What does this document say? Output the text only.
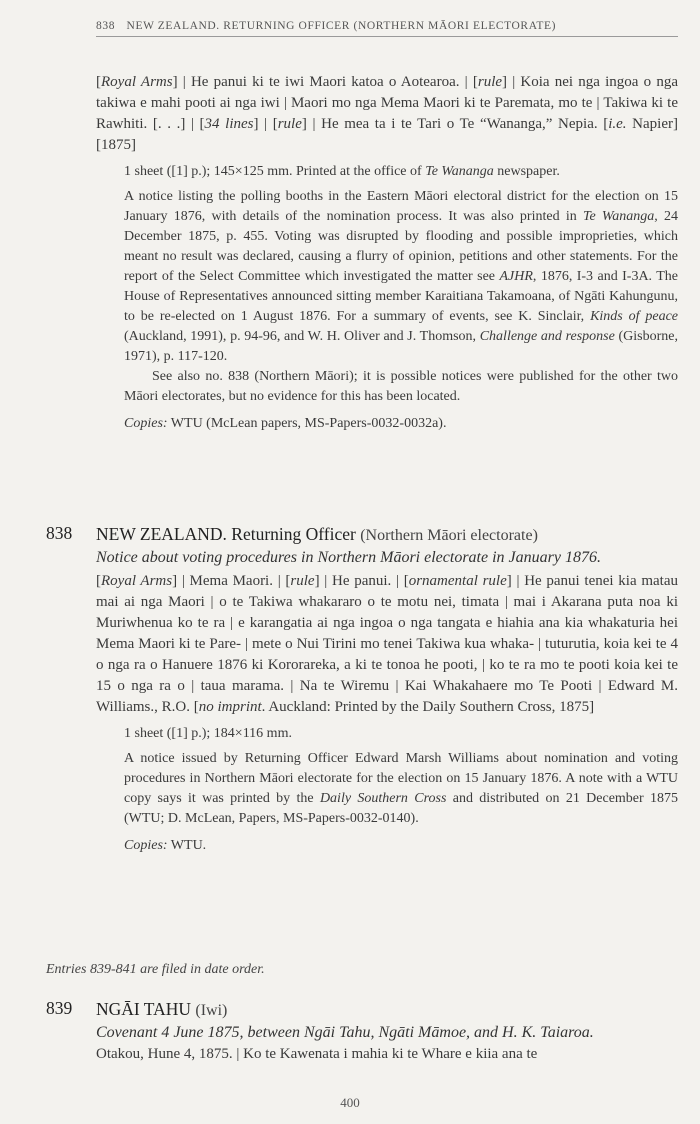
838 NEW ZEALAND. RETURNING OFFICER (NORTHERN MĀORI ELECTORATE)
[Royal Arms] | He panui ki te iwi Maori katoa o Aotearoa. | [rule] | Koia nei nga ingoa o nga takiwa e mahi pooti ai nga iwi | Maori mo nga Mema Maori ki te Paremata, mo te | Takiwa ki te Rawhiti. [. . .] | [34 lines] | [rule] | He mea ta i te Tari o Te “Wananga,” Nepia. [i.e. Napier] [1875]
1 sheet ([1] p.); 145×125 mm. Printed at the office of Te Wananga newspaper.
A notice listing the polling booths in the Eastern Māori electoral district for the election on 15 January 1876, with details of the nomination process. It was also printed in Te Wananga, 24 December 1875, p. 455. Voting was disrupted by flooding and possible improprieties, which meant no result was declared, causing a flurry of opinion, petitions and other statements. For the report of the Select Committee which investigated the matter see AJHR, 1876, I-3 and I-3A. The House of Representatives announced sitting member Karaitiana Takamoana, of Ngāti Kahungunu, to be re-elected on 1 August 1876. For a summary of events, see K. Sinclair, Kinds of peace (Auckland, 1991), p. 94-96, and W. H. Oliver and J. Thomson, Challenge and response (Gisborne, 1971), p. 117-120.
See also no. 838 (Northern Māori); it is possible notices were published for the other two Māori electorates, but no evidence for this has been located.
Copies: WTU (McLean papers, MS-Papers-0032-0032a).
838	NEW ZEALAND. Returning Officer (Northern Māori electorate)
Notice about voting procedures in Northern Māori electorate in January 1876.
[Royal Arms] | Mema Maori. | [rule] | He panui. | [ornamental rule] | He panui tenei kia matau mai ai nga Maori | o te Takiwa whakararo o te motu nei, timata | mai i Akarana puta noa ki Muriwhenua ko te ra | e karangatia ai nga ingoa o nga tangata e hiahia ana kia whakaturia hei Mema Maori ki te Pare- | mete o Nui Tirini mo tenei Takiwa kua whaka- | tuturutia, koia kei te 4 o nga ra o Hanuere 1876 ki Kororareka, a ki te tonoa he pooti, | ko te ra mo te pooti koia kei te 15 o nga ra o | taua marama. | Na te Wiremu | Kai Whakahaere mo Te Pooti | Edward M. Williams., R.O. [no imprint. Auckland: Printed by the Daily Southern Cross, 1875]
1 sheet ([1] p.); 184×116 mm.
A notice issued by Returning Officer Edward Marsh Williams about nomination and voting procedures in Northern Māori electorate for the election on 15 January 1876. A note with a WTU copy says it was printed by the Daily Southern Cross and distributed on 21 December 1875 (WTU; D. McLean, Papers, MS-Papers-0032-0140).
Copies: WTU.
Entries 839-841 are filed in date order.
839	NGĀI TAHU (Iwi)
Covenant 4 June 1875, between Ngāi Tahu, Ngāti Māmoe, and H. K. Taiaroa.
Otakou, Hune 4, 1875. | Ko te Kawenata i mahia ki te Whare e kiia ana te
400
